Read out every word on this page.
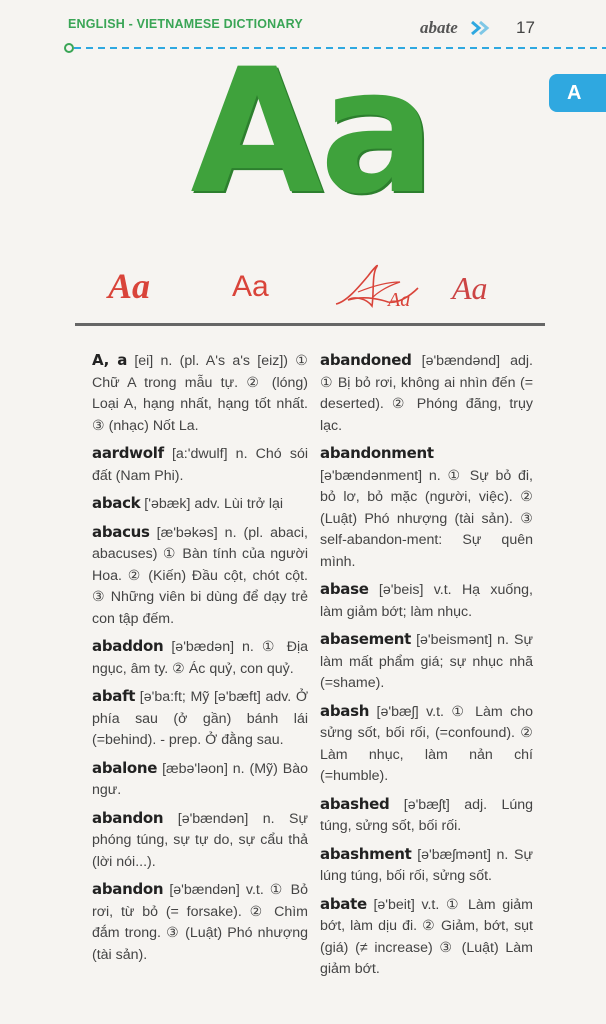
ENGLISH - VIETNAMESE DICTIONARY	abate	17
A
Aa
Aa	Aa	Aa Aa
A, a [ei] n. (pl. A's a's [eiz]) ① Chữ A trong mẫu tự. ② (lóng) Loại A, hạng nhất, hạng tốt nhất. ③ (nhạc) Nốt La.
aardwolf [a:'dwulf] n. Chó sói đất (Nam Phi).
aback ['əbæk] adv. Lùi trở lại
abacus [æ'bəkəs] n. (pl. abaci, abacuses) ① Bàn tính của người Hoa. ② (Kiến) Đầu cột, chót cột. ③ Những viên bi dùng để dạy trẻ con tập đếm.
abaddon [ə'bædən] n. ① Địa ngục, âm ty. ② Ác quỷ, con quỷ.
abaft [ə'ba:ft; Mỹ [ə'bæft] adv. Ở phía sau (ở gần) bánh lái (=behind). - prep. Ở đằng sau.
abalone [æbə'ləon] n. (Mỹ) Bào ngư.
abandon [ə'bændən] n. Sự phóng túng, sự tự do, sự cẩu thả (lời nói...).
abandon [ə'bændən] v.t. ① Bỏ rơi, từ bỏ (= forsake). ② Chìm đắm trong. ③ (Luật) Phó nhượng (tài sản).
abandoned [ə'bændənd] adj. ① Bị bỏ rơi, không ai nhìn đến (= deserted). ② Phóng đãng, trụy lạc.
abandonment [ə'bændənment] n. ① Sự bỏ đi, bỏ lơ, bỏ mặc (người, việc). ② (Luật) Phó nhượng (tài sản). ③ self-abandon-ment: Sự quên mình.
abase [ə'beis] v.t. Hạ xuống, làm giảm bớt; làm nhục.
abasement [ə'beismənt] n. Sự làm mất phẩm giá; sự nhục nhã (=shame).
abash [ə'bæʃ] v.t. ① Làm cho sửng sốt, bối rối, (=confound). ② Làm nhục, làm nản chí (=humble).
abashed [ə'bæʃt] adj. Lúng túng, sửng sốt, bối rối.
abashment [ə'bæʃmənt] n. Sự lúng túng, bối rối, sửng sốt.
abate [ə'beit] v.t. ① Làm giảm bớt, làm dịu đi. ② Giảm, bớt, sụt (giá) (≠ increase) ③ (Luật) Làm giảm bớt.
